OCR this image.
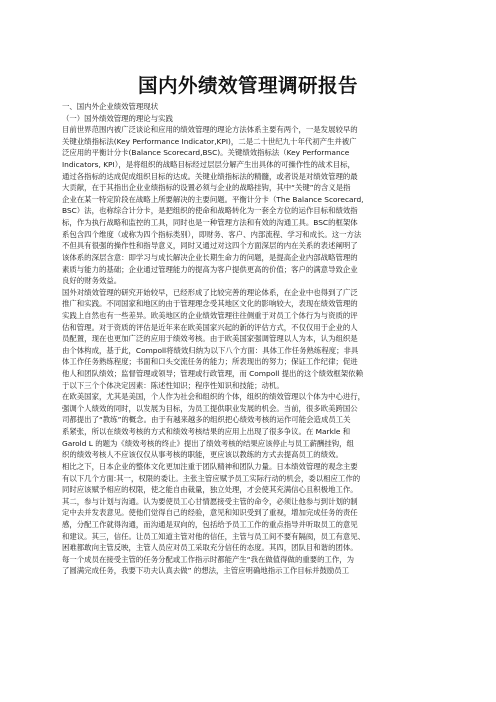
国内外绩效管理调研报告
一、国内外企业绩效管理现状
（一）国外绩效管理的理论与实践
目前世界范围内被广泛谈论和应用的绩效管理的理论方法体系主要有两个，一是发展较早的
关键业绩指标法(Key Performance Indicator,KPI)，二是二十世纪九十年代初产生并被广
泛应用的平衡计分卡(Balance Scorecard,BSC)。关键绩效指标法（Key Performance
Indicators, KPI），是将组织的战略目标经过层层分解产生出具体的可操作性的战术目标，
通过各指标的达成促成组织目标的达成。关键业绩指标法的精髓，或者说是对绩效管理的最
大贡献，在于其指出企业业绩指标的设置必须与企业的战略挂钩，其中“关键”的含义是指
企业在某一特定阶段在战略上所要解决的主要问题。平衡计分卡（The Balance Scorecard,
BSC）法，也称综合计分卡，是把组织的使命和战略转化为一套全方位的运作目标和绩效指
标，作为执行战略和监控的工具，同时也是一种管理方法和有效的沟通工具。BSC的框架体
系包含四个维度（或称为四个指标类别），即财务、客户、内部流程、学习和成长。这一方法
不但具有很强的操作性和指导意义，同时又通过对这四个方面深层的内在关系的表述阐明了
该体系的深层含意：即学习与成长解决企业长期生命力的问题，是提高企业内部战略管理的
素质与能力的基础；企业通过管理能力的提高为客户提供更高的价值；客户的满意导致企业
良好的财务效益。
国外对绩效管理的研究开始较早，已经形成了比较完善的理论体系，在企业中也得到了广泛
推广和实践。不同国家和地区的由于管理理念受其地区文化的影响较大，表现在绩效管理的
实践上自然也有一些差异。欧美地区的企业绩效管理往往侧重于对员工个体行为与资质的评
估和管理。对于资质的评估是近年来在欧美国家兴起的新的评估方式，不仅仅用于企业的人
员配置，现在也更加广泛的应用于绩效考核。由于欧美国家强调管理以人为本，认为组织是
由个体构成，基于此，Compoll将绩效归纳为以下八个方面：具体工作任务熟练程度；非具
体工作任务熟练程度；书面和口头交流任务的能力；所表现出的努力；保证工作纪律；促进
他人和团队绩效；监督管理或领导；管理或行政管理，而 Compoll 提出的这个绩效框架依赖
于以下三个个体决定因素：陈述性知识；程序性知识和技能；动机。
在欧美国家，尤其是美国，个人作为社会和组织的个体，组织的绩效管理以个体为中心进行，
强调个人绩效的同时，以发展为目标，为员工提供职业发展的机会。当前，很多欧美跨国公
司都提出了“教练”的概念。由于有越来越多的组织把心绩效考核的运作可能会造成员工关
系紧张，所以在绩效考核的方式和绩效考核结果的应用上出现了很多争议。在 Markle 和
Garold L 的题为《绩效考核的终止》提出了绩效考核的结果应该停止与员工薪酬挂钩，组
织的绩效考核人不应该仅仅从事考核的职能，更应该以教练的方式去提高员工的绩效。
相比之下，日本企业的整体文化更加注重于团队精神和团队力量。日本绩效管理的观念主要
有以下几个方面:其一，权限的委让。主张主管应赋予员工实际行动的机会，委以相应工作的
同时应该赋予相应的权限，使之能自由裁量，独立处理，才会使其充满信心且积极地工作。
其二，参与计划与沟通。认为要使员工心甘情愿接受主管的命令，必须让他参与到计划的制
定中去并发表意见。使他们觉得自己的经验，意见和知识受到了重视，增加完成任务的责任
感，分配工作就得沟通，而沟通是双向的，包括给予员工工作的重点指导并听取员工的意见
和建议。其三，信任。让员工知道主管对他的信任，主管与员工间不要有隔阂，员工有意见、
困难都敢向主管反映，主管人员应对员工采取充分信任的态度。其四，团队目和谐的团体。
每一个成员在接受主管的任务分配或工作指示时都能产生“我在做值得做的重要的工作，为
了圆满完成任务，我要下功夫认真去做” 的想法，主管应明确地指示工作目标并鼓励员工
